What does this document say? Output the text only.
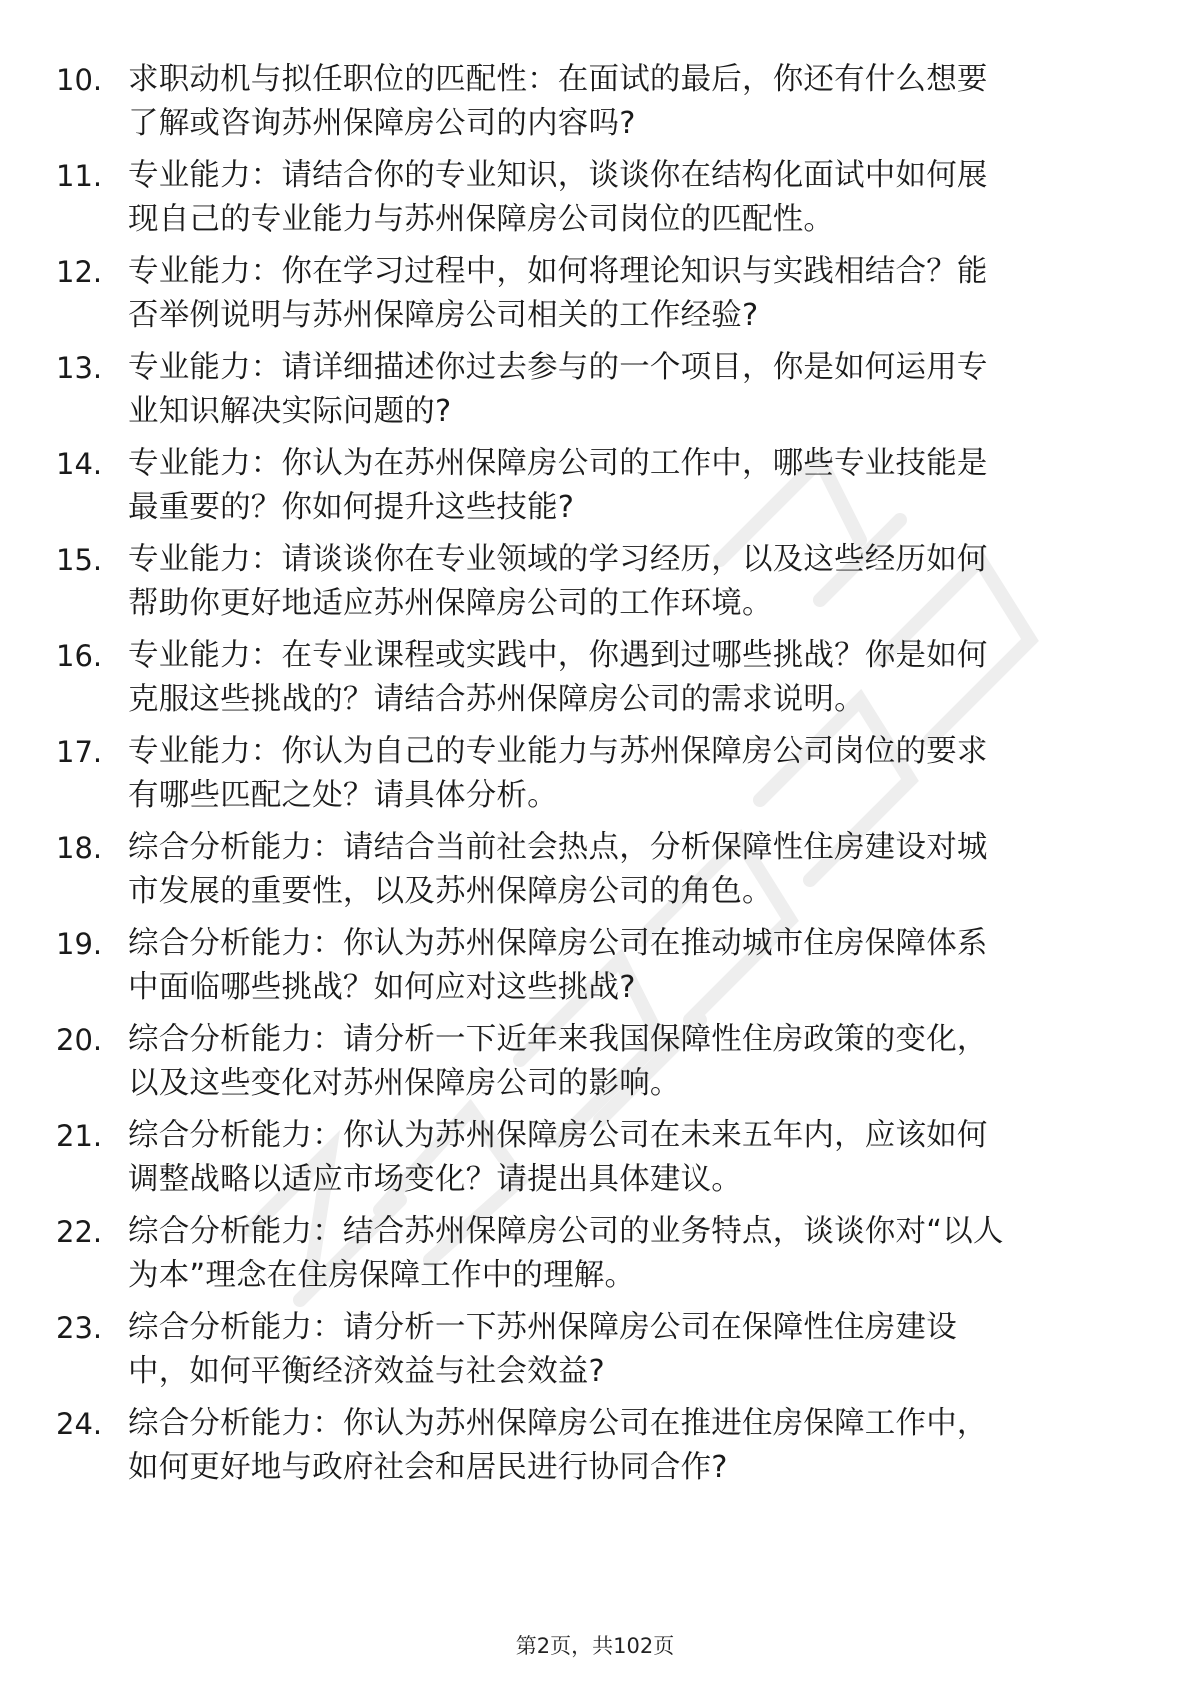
10. 求职动机与拟任职位的匹配性：在面试的最后，你还有什么想要
了解或咨询苏州保障房公司的内容吗?
11. 专业能力：请结合你的专业知识，谈谈你在结构化面试中如何展
现自己的专业能力与苏州保障房公司岗位的匹配性。
12. 专业能力：你在学习过程中，如何将理论知识与实践相结合？能
否举例说明与苏州保障房公司相关的工作经验?
13. 专业能力：请详细描述你过去参与的一个项目，你是如何运用专
业知识解决实际问题的?
14. 专业能力：你认为在苏州保障房公司的工作中，哪些专业技能是
最重要的？你如何提升这些技能?
15. 专业能力：请谈谈你在专业领域的学习经历，以及这些经历如何
帮助你更好地适应苏州保障房公司的工作环境。
16. 专业能力：在专业课程或实践中，你遇到过哪些挑战？你是如何
克服这些挑战的？请结合苏州保障房公司的需求说明。
17. 专业能力：你认为自己的专业能力与苏州保障房公司岗位的要求
有哪些匹配之处？请具体分析。
18. 综合分析能力：请结合当前社会热点，分析保障性住房建设对城
市发展的重要性，以及苏州保障房公司的角色。
19. 综合分析能力：你认为苏州保障房公司在推动城市住房保障体系
中面临哪些挑战？如何应对这些挑战?
20. 综合分析能力：请分析一下近年来我国保障性住房政策的变化，
以及这些变化对苏州保障房公司的影响。
21. 综合分析能力：你认为苏州保障房公司在未来五年内，应该如何
调整战略以适应市场变化？请提出具体建议。
22. 综合分析能力：结合苏州保障房公司的业务特点，谈谈你对“以人
为本”理念在住房保障工作中的理解。
23. 综合分析能力：请分析一下苏州保障房公司在保障性住房建设
中，如何平衡经济效益与社会效益?
24. 综合分析能力：你认为苏州保障房公司在推进住房保障工作中，
如何更好地与政府社会和居民进行协同合作?
第2页，共102页
